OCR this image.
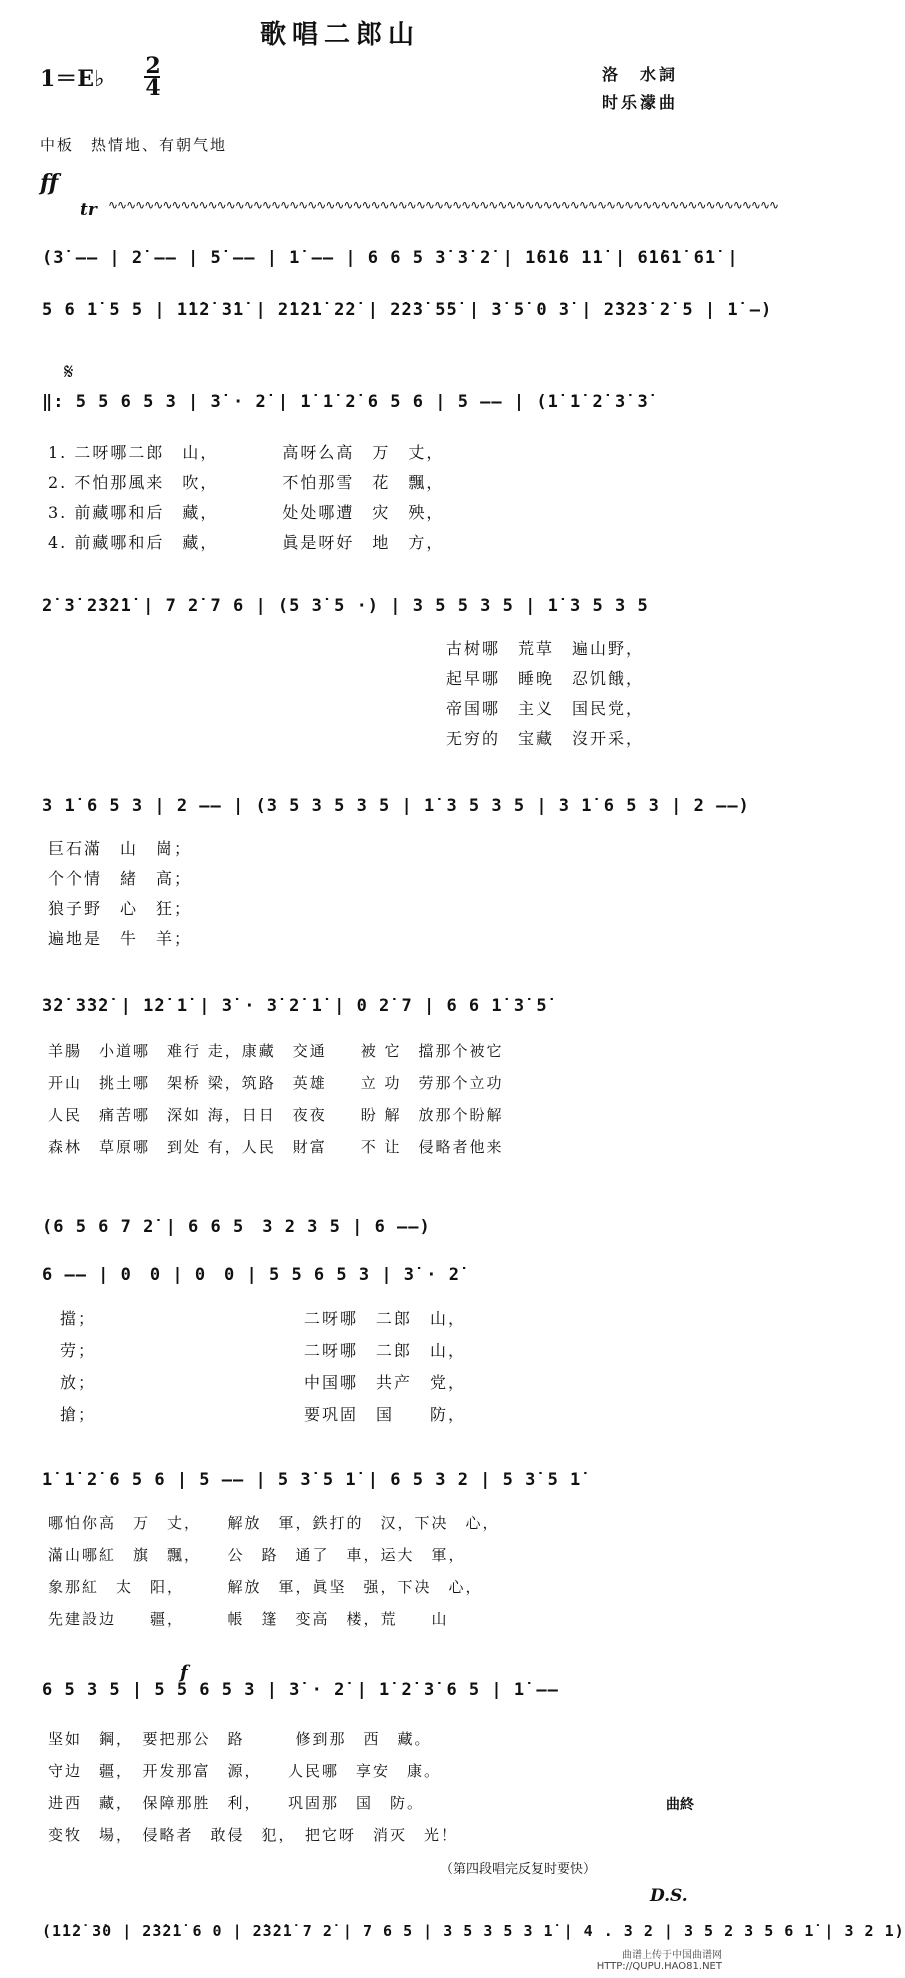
歌唱二郎山
1＝E♭ 2
4
洛　水詞
时乐濛曲
中板　热情地、有朝气地
ff
tr ∿∿∿∿∿∿∿∿∿∿∿∿∿∿∿∿∿∿∿∿∿∿∿∿∿∿∿∿∿∿∿∿∿∿∿∿∿∿∿∿∿∿∿∿∿∿∿∿∿∿∿∿∿∿∿∿∿∿∿∿∿∿∿∿∿∿∿∿∿∿∿∿∿∿
(3̇ —— | 2̇ —— | 5̇ —— | 1̇ —— | 6 6 5 3̇ 3̇ 2̇ | 1̇6̇1̇6 1̇1̇ | 6̇1̇6̇1̇ 6̇1̇ |
5 6 1̇ 5 5 | 1̇1̇2̇ 3̇1̇ | 2̇1̇2̇1̇ 2̇2̇ | 2̇2̇3̇ 5̇5̇ | 3̇ 5̇ 0 3̇ | 2̇3̇2̇3̇ 2̇ 5 | 1̇ —)
𝄋
‖: 5 5 6 5 3 | 3̇ · 2̇ | 1̇ 1̇ 2̇ 6 5 6 | 5 —— | (1̇ 1̇ 2̇ 3̇ 3̇
1. 二呀哪二郎　山，　　　　高呀么高　万　丈，
2. 不怕那風来　吹，　　　　不怕那雪　花　飄，
3. 前藏哪和后　藏，　　　　处处哪遭　灾　殃，
4. 前藏哪和后　藏，　　　　眞是呀好　地　方，
2̇ 3̇ 2̇3̇2̇1̇ | 7 2̇ 7 6 | (5 3̇ 5 ·) | 3 5 5 3 5 | 1̇ 3 5 3 5
古树哪　荒草　遍山野，
起早哪　睡晚　忍饥餓，
帝国哪　主义　国民党，
无穷的　宝藏　沒开采，
3 1̇ 6 5 3 | 2 —— | (3 5 3 5 3 5 | 1̇ 3 5 3 5 | 3 1̇ 6 5 3 | 2 ——)
巨石滿　山　崗；
个个情　緒　高；
狼子野　心　狂；
遍地是　牛　羊；
3̇2̇ 3̇3̇2̇ | 1̇2̇ 1̇ | 3̇ · 3̇ 2̇ 1̇ | 0 2̇ 7 | 6 6 1̇ 3̇ 5̇
羊腸　小道哪　难行 走，康藏　交通　　被 它　擋那个被它
开山　挑土哪　架桥 梁，筑路　英雄　　立 功　劳那个立功
人民　痛苦哪　深如 海，日日　夜夜　　盼 解　放那个盼解
森林　草原哪　到处 有，人民　財富　　不 让　侵略者他来
(6 5 6 7 2̇ | 6 6 5　3 2 3 5 | 6 ——)
6 —— | 0　0 | 0　0 | 5 5 6 5 3 | 3̇ · 2̇
擋；　　　　　　　　　　　　二呀哪　二郎　山，
劳；　　　　　　　　　　　　二呀哪　二郎　山，
放；　　　　　　　　　　　　中国哪　共产　党，
搶；　　　　　　　　　　　　要巩固　国　　防，
1̇ 1̇ 2̇ 6 5 6 | 5 —— | 5 3̇ 5 1̇ | 6 5 3 2 | 5 3̇ 5 1̇
哪怕你高　万　丈，　　解放　軍，鉄打的　汉，下决　心，
滿山哪紅　旗　飄，　　公　路　通了　車，运大　軍，
象那紅　太　阳，　　　解放　軍，眞坚　强，下决　心，
先建設边　　疆，　　　帳　篷　变高　楼，荒　　山
f
6 5 3 5 | 5 5 6 5 3 | 3̇ · 2̇ | 1̇ 2̇ 3̇ 6 5 | 1̇ ——
坚如　鋼，　要把那公　路　　　修到那　西　藏。
守边　疆，　开发那富　源，　　人民哪　享安　康。
进西　藏，　保障那胜　利，　　巩固那　国　防。
变牧　場，　侵略者　敢侵　犯，　把它呀　消灭　光！
曲終
（第四段唱完反复时要快）
D.S.
(1̇1̇2̇ 3̇0 | 2̇3̇2̇1̇ 6 0 | 2̇3̇2̇1̇ 7 2̇ | 7 6 5 | 3 5 3 5 3 1̇ | 4 . 3 2 | 3 5 2 3 5 6 1̇ | 3 2 1)
曲谱上传于中国曲谱网
HTTP://QUPU.HAO81.NET
